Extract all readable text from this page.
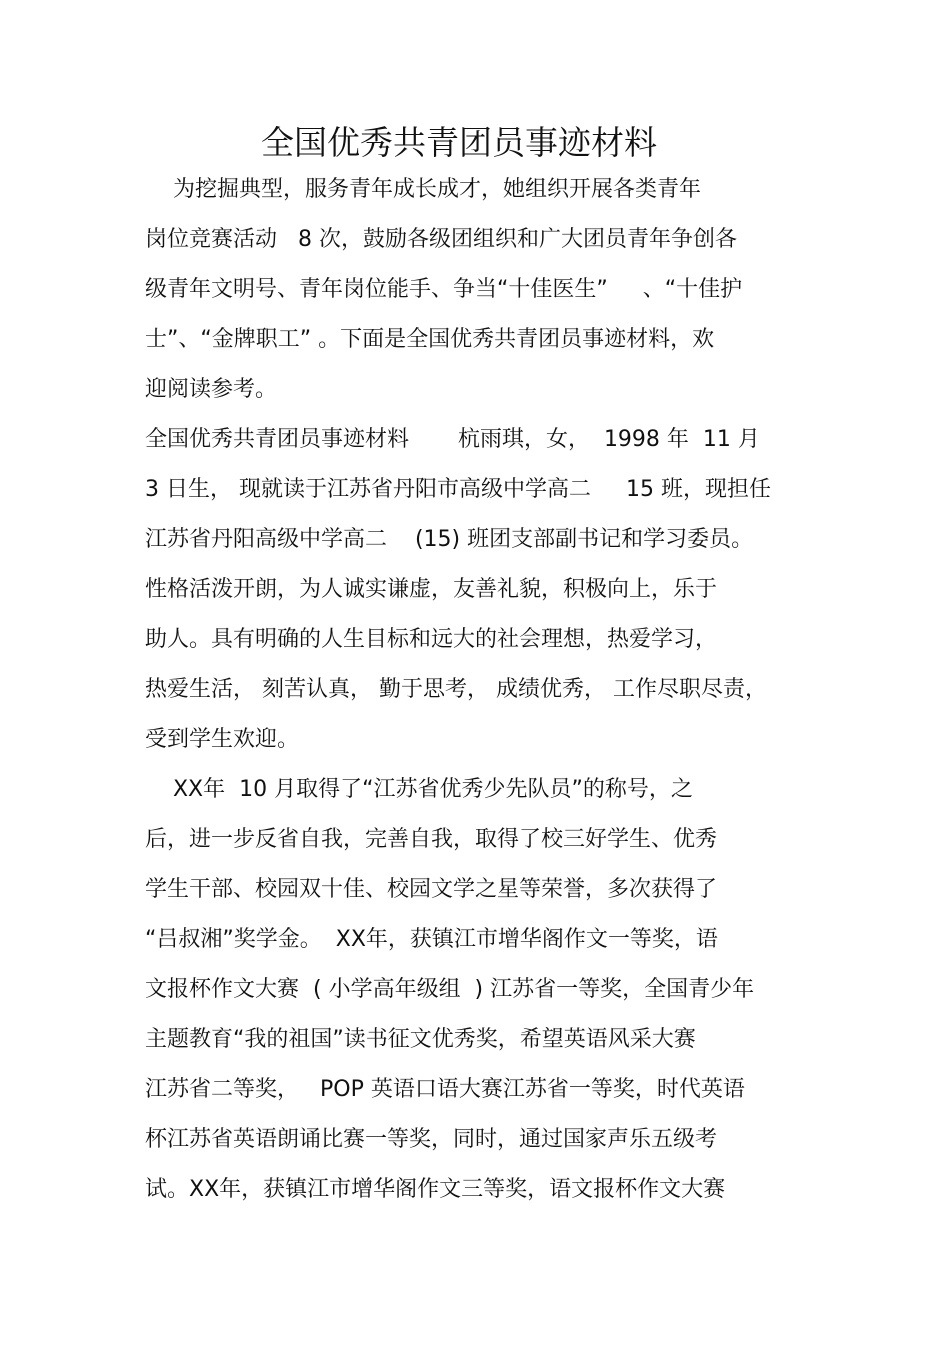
全国优秀共青团员事迹材料
为挖掘典型，服务青年成长成才，她组织开展各类青年
岗位竞赛活动   8 次，鼓励各级团组织和广大团员青年争创各
级青年文明号、青年岗位能手、争当“十佳医生”     、“十佳护
士”、“金牌职工” 。下面是全国优秀共青团员事迹材料，欢
迎阅读参考。
全国优秀共青团员事迹材料       杭雨琪，女，  1998 年  11 月
3 日生， 现就读于江苏省丹阳市高级中学高二     15 班，现担任
江苏省丹阳高级中学高二    (15) 班团支部副书记和学习委员。
性格活泼开朗，为人诚实谦虚，友善礼貌，积极向上，乐于
助人。具有明确的人生目标和远大的社会理想，热爱学习，
热爱生活， 刻苦认真， 勤于思考， 成绩优秀， 工作尽职尽责，
受到学生欢迎。
XX年  10 月取得了“江苏省优秀少先队员”的称号，之
后，进一步反省自我，完善自我，取得了校三好学生、优秀
学生干部、校园双十佳、校园文学之星等荣誉，多次获得了
“吕叔湘”奖学金。  XX年，获镇江市增华阁作文一等奖，语
文报杯作文大赛  ( 小学高年级组  ) 江苏省一等奖，全国青少年
主题教育“我的祖国”读书征文优秀奖，希望英语风采大赛
江苏省二等奖，   POP 英语口语大赛江苏省一等奖，时代英语
杯江苏省英语朗诵比赛一等奖，同时，通过国家声乐五级考
试。XX年，获镇江市增华阁作文三等奖，语文报杯作文大赛
